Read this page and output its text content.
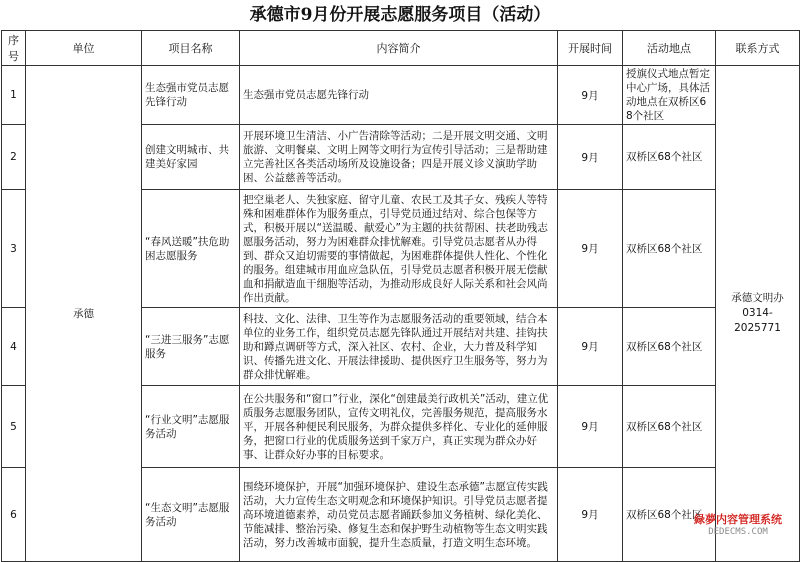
承德市9月份开展志愿服务项目（活动）
序号	单位	项目名称	内容简介	开展时间	活动地点	联系方式
1	承德	生态强市党员志愿先锋行动	生态强市党员志愿先锋行动	9月	授旗仪式地点暂定中心广场，具体活动地点在双桥区68个社区	承德文明办
0314-2025771
2		创建文明城市、共建美好家园	开展环境卫生清洁、小广告清除等活动；二是开展文明交通、文明旅游、文明餐桌、文明上网等文明行为宣传引导活动；三是帮助建立完善社区各类活动场所及设施设备；四是开展义诊义演助学助困、公益慈善等活动。	9月	双桥区68个社区	
3		“春风送暖”扶危助困志愿服务	把空巢老人、失独家庭、留守儿童、农民工及其子女、残疾人等特殊和困难群体作为服务重点，引导党员通过结对、综合包保等方式，积极开展以“送温暖、献爱心”为主题的扶贫帮困、扶老助残志愿服务活动，努力为困难群众排忧解难。引导党员志愿者从办得到、群众又迫切需要的事情做起，为困难群体提供人性化、个性化的服务。组建城市用血应急队伍，引导党员志愿者积极开展无偿献血和捐献造血干细胞等活动，为推动形成良好人际关系和社会风尚作出贡献。	9月	双桥区68个社区	
4		“三进三服务”志愿服务	科技、文化、法律、卫生等作为志愿服务活动的重要领域，结合本单位的业务工作，组织党员志愿先锋队通过开展结对共建、挂钩扶助和蹲点调研等方式，深入社区、农村、企业，大力普及科学知识、传播先进文化、开展法律援助、提供医疗卫生服务等，努力为群众排忧解难。	9月	双桥区68个社区	
5		“行业文明”志愿服务活动	在公共服务和“窗口”行业，深化“创建最美行政机关”活动，建立优质服务志愿服务团队，宣传文明礼仪，完善服务规范，提高服务水平，开展各种便民利民服务，为群众提供多样化、专业化的延伸服务，把窗口行业的优质服务送到千家万户，真正实现为群众办好事、让群众好办事的目标要求。	9月	双桥区68个社区	
6		“生态文明”志愿服务活动	围绕环境保护，开展“加强环境保护、建设生态承德”志愿宣传实践活动，大力宣传生态文明观念和环境保护知识。引导党员志愿者提高环境道德素养，动员党员志愿者踊跃参加义务植树、绿化美化、节能减排、整治污染、修复生态和保护野生动植物等生态文明实践活动，努力改善城市面貌，提升生态质量，打造文明生态环境。	9月	双桥区68个社区	
緑夢内容管理系统
DEDECMS.COM
